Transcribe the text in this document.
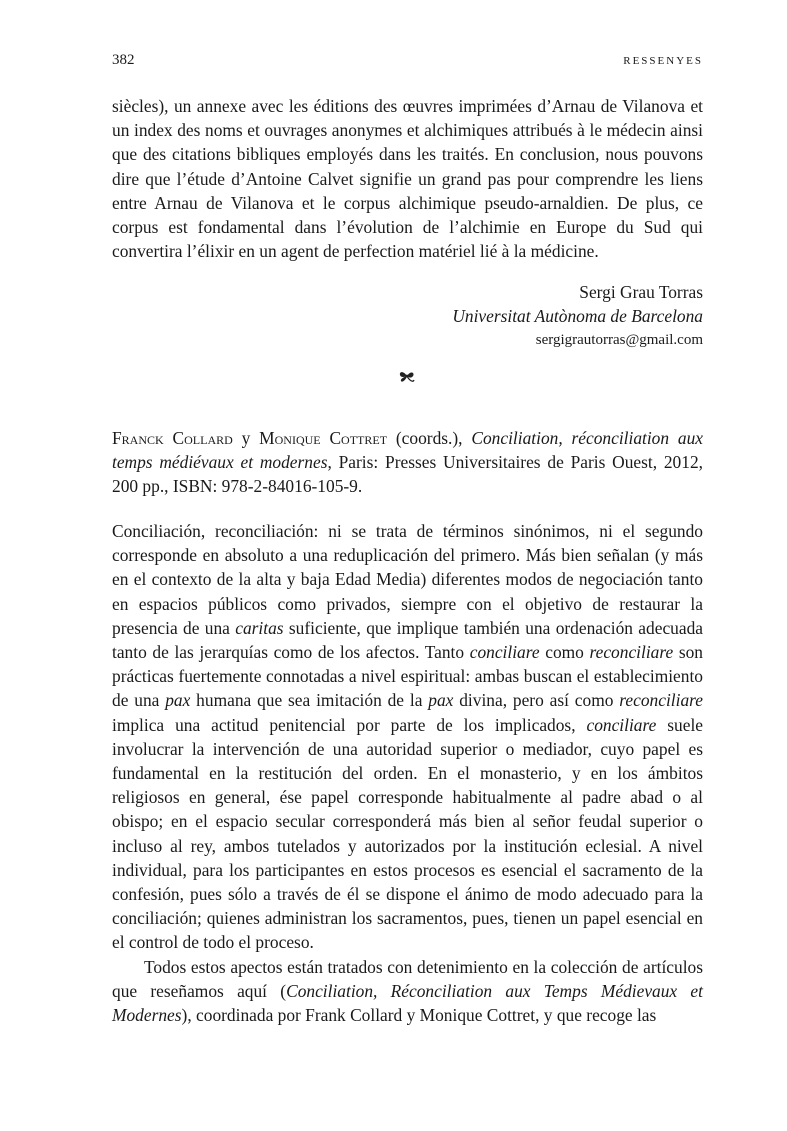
382	RESSENYES

siècles), un annexe avec les éditions des œuvres imprimées d’Arnau de Vilanova et un index des noms et ouvrages anonymes et alchimiques attribués à le médecin ainsi que des citations bibliques employés dans les traités. En conclusion, nous pouvons dire que l’étude d’Antoine Calvet signifie un grand pas pour comprendre les liens entre Arnau de Vilanova et le corpus alchimique pseudo-arnaldien. De plus, ce corpus est fondamental dans l’évolution de l’alchimie en Europe du Sud qui convertira l’élixir en un agent de perfection matériel lié à la médicine.

Sergi Grau Torras
Universitat Autònoma de Barcelona
sergigrautorras@gmail.com

Franck Collard y Monique Cottret (coords.), Conciliation, réconciliation aux temps médiévaux et modernes, Paris: Presses Universitaires de Paris Ouest, 2012, 200 pp., ISBN: 978-2-84016-105-9.

Conciliación, reconciliación: ni se trata de términos sinónimos, ni el segundo corresponde en absoluto a una reduplicación del primero. Más bien señalan (y más en el contexto de la alta y baja Edad Media) diferentes modos de negociación tanto en espacios públicos como privados, siempre con el objetivo de restaurar la presencia de una caritas suficiente, que implique también una ordenación adecuada tanto de las jerarquías como de los afectos. Tanto conciliare como reconciliare son prácticas fuertemente connotadas a nivel espiritual: ambas buscan el establecimiento de una pax humana que sea imitación de la pax divina, pero así como reconciliare implica una actitud penitencial por parte de los implicados, conciliare suele involucrar la intervención de una autoridad superior o mediador, cuyo papel es fundamental en la restitución del orden. En el monasterio, y en los ámbitos religiosos en general, ése papel corresponde habitualmente al padre abad o al obispo; en el espacio secular corresponderá más bien al señor feudal superior o incluso al rey, ambos tutelados y autorizados por la institución eclesial. A nivel individual, para los participantes en estos procesos es esencial el sacramento de la confesión, pues sólo a través de él se dispone el ánimo de modo adecuado para la conciliación; quienes administran los sacramentos, pues, tienen un papel esencial en el control de todo el proceso.

Todos estos apectos están tratados con detenimiento en la colección de artículos que reseñamos aquí (Conciliation, Réconciliation aux Temps Médievaux et Modernes), coordinada por Frank Collard y Monique Cottret, y que recoge las
